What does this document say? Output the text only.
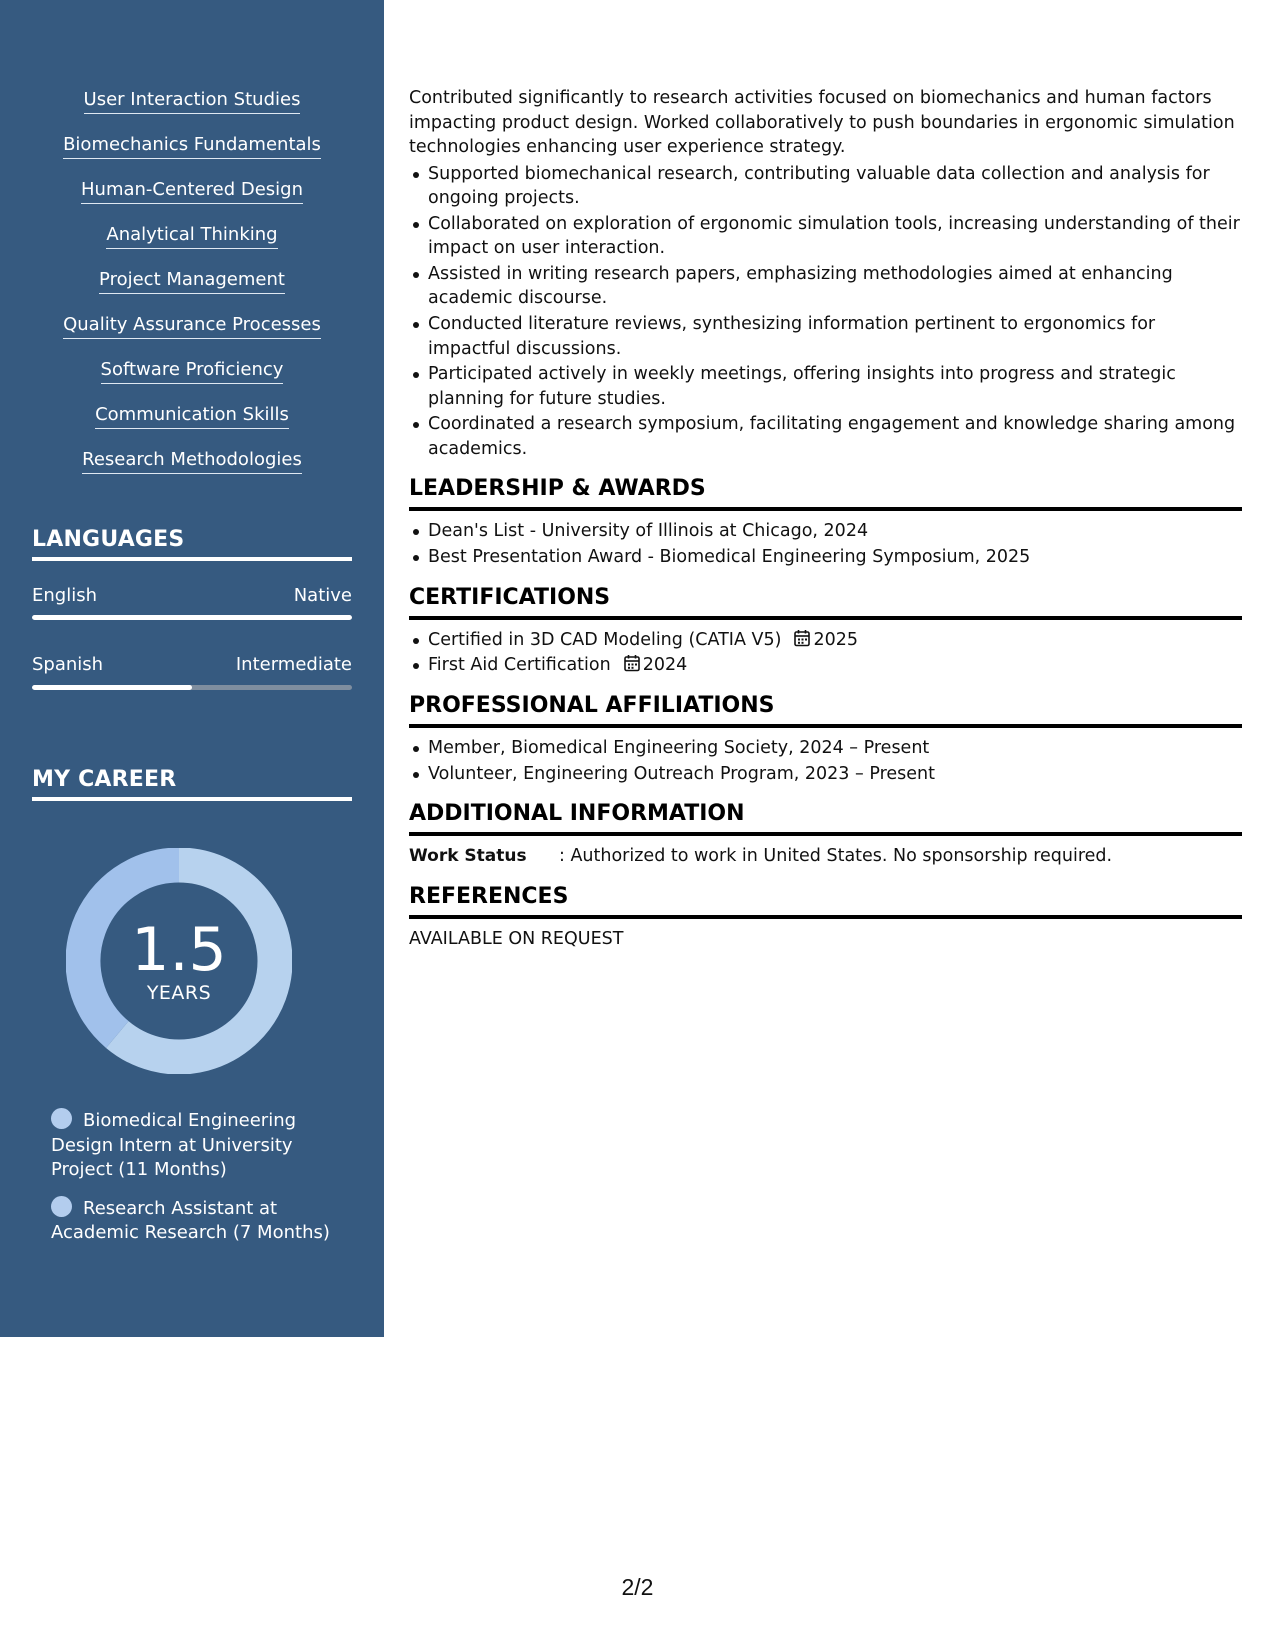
User Interaction Studies
Biomechanics Fundamentals
Human-Centered Design
Analytical Thinking
Project Management
Quality Assurance Processes
Software Proficiency
Communication Skills
Research Methodologies
LANGUAGES
English	Native
Spanish	Intermediate
MY CAREER
1.5
YEARS
Biomedical Engineering Design Intern at University Project (11 Months)
Research Assistant at Academic Research (7 Months)

Contributed significantly to research activities focused on biomechanics and human factors impacting product design. Worked collaboratively to push boundaries in ergonomic simulation technologies enhancing user experience strategy.

Supported biomechanical research, contributing valuable data collection and analysis for ongoing projects.
Collaborated on exploration of ergonomic simulation tools, increasing understanding of their impact on user interaction.
Assisted in writing research papers, emphasizing methodologies aimed at enhancing academic discourse.
Conducted literature reviews, synthesizing information pertinent to ergonomics for impactful discussions.
Participated actively in weekly meetings, offering insights into progress and strategic planning for future studies.
Coordinated a research symposium, facilitating engagement and knowledge sharing among academics.
LEADERSHIP & AWARDS
Dean's List - University of Illinois at Chicago, 2024
Best Presentation Award - Biomedical Engineering Symposium, 2025
CERTIFICATIONS
Certified in 3D CAD Modeling (CATIA V5) 2025
First Aid Certification 2024
PROFESSIONAL AFFILIATIONS
Member, Biomedical Engineering Society, 2024 – Present
Volunteer, Engineering Outreach Program, 2023 – Present
ADDITIONAL INFORMATION
Work Status	: Authorized to work in United States. No sponsorship required.
REFERENCES

AVAILABLE ON REQUEST

2/2
